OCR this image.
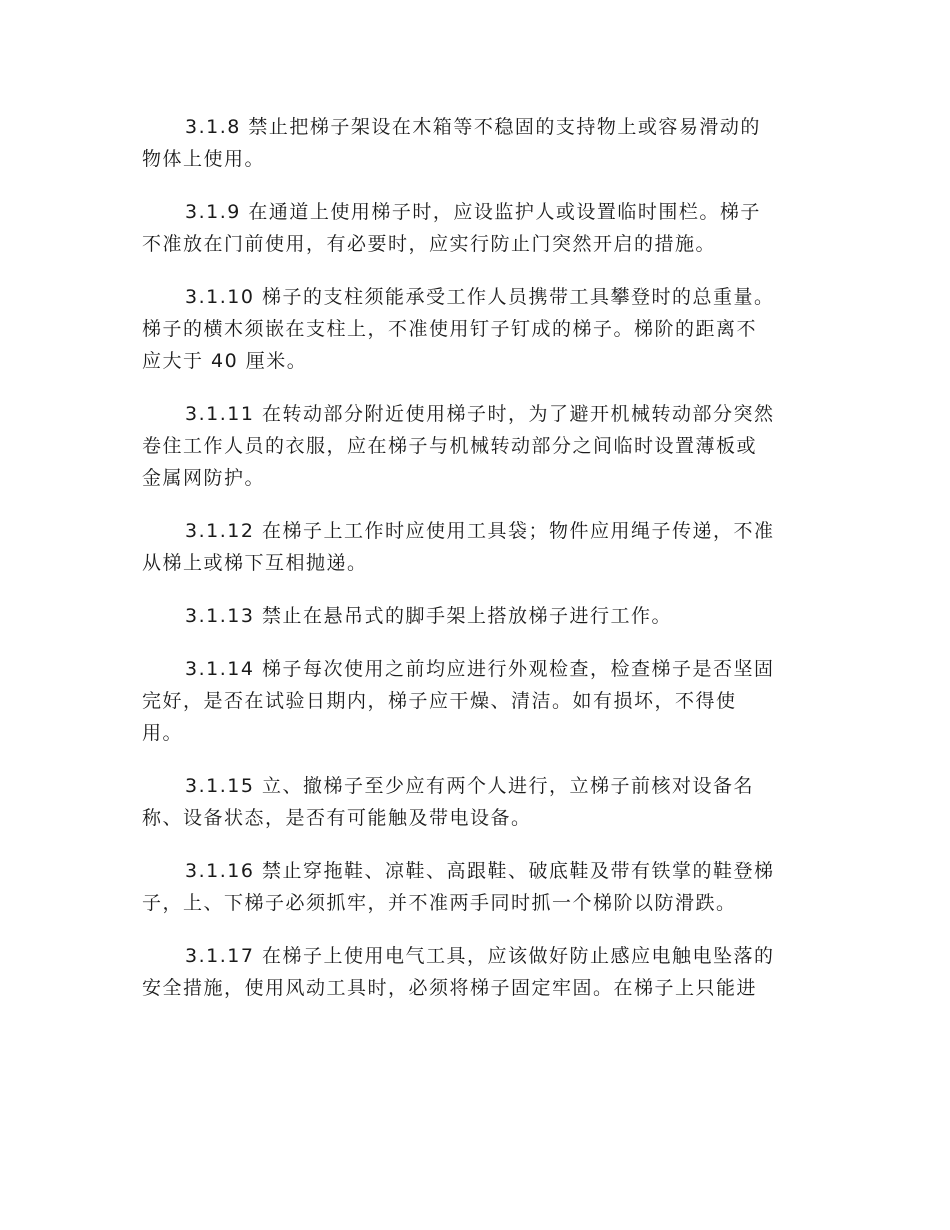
3.1.8 禁止把梯子架设在木箱等不稳固的支持物上或容易滑动的
物体上使用。
3.1.9 在通道上使用梯子时，应设监护人或设置临时围栏。梯子
不准放在门前使用，有必要时，应实行防止门突然开启的措施。
3.1.10 梯子的支柱须能承受工作人员携带工具攀登时的总重量。
梯子的横木须嵌在支柱上，不准使用钉子钉成的梯子。梯阶的距离不
应大于 40 厘米。
3.1.11 在转动部分附近使用梯子时，为了避开机械转动部分突然
卷住工作人员的衣服，应在梯子与机械转动部分之间临时设置薄板或
金属网防护。
3.1.12 在梯子上工作时应使用工具袋；物件应用绳子传递，不准
从梯上或梯下互相抛递。
3.1.13 禁止在悬吊式的脚手架上搭放梯子进行工作。
3.1.14 梯子每次使用之前均应进行外观检查，检查梯子是否坚固
完好，是否在试验日期内，梯子应干燥、清洁。如有损坏，不得使
用。
3.1.15 立、撤梯子至少应有两个人进行，立梯子前核对设备名
称、设备状态，是否有可能触及带电设备。
3.1.16 禁止穿拖鞋、凉鞋、高跟鞋、破底鞋及带有铁掌的鞋登梯
子，上、下梯子必须抓牢，并不准两手同时抓一个梯阶以防滑跌。
3.1.17 在梯子上使用电气工具，应该做好防止感应电触电坠落的
安全措施，使用风动工具时，必须将梯子固定牢固。在梯子上只能进
